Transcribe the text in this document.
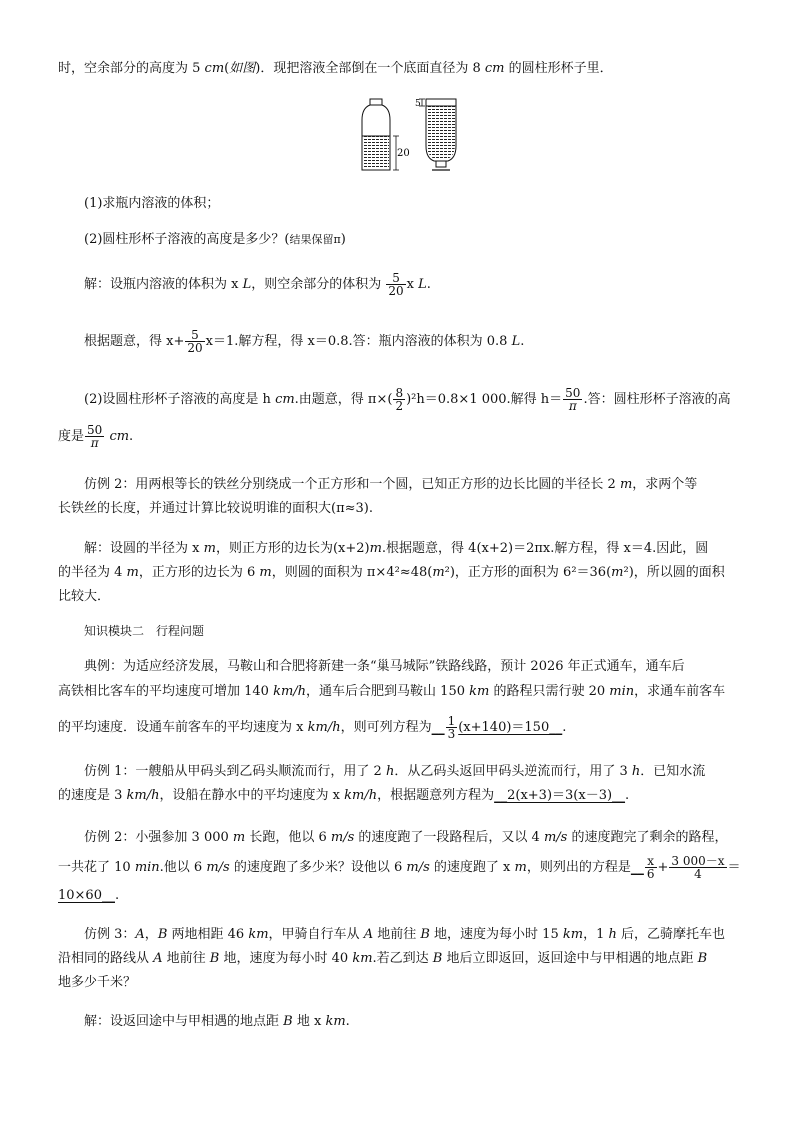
时，空余部分的高度为 5 cm(如图)．现把溶液全部倒在一个底面直径为 8 cm 的圆柱形杯子里．
20
5
(1)求瓶内溶液的体积；
(2)圆柱形杯子溶液的高度是多少？(结果保留π)
解：设瓶内溶液的体积为 x L，则空余部分的体积为 $\frac{5}{20}$ x L.
根据题意，得 $x+ \frac{5}{20} x=1$.解方程，得 x＝0.8.答：瓶内溶液的体积为 0.8 L.
(2)设圆柱形杯子溶液的高度是 h cm.由题意，得 $\pi\times( \frac{8}{2} )^2h=0.8\times 1$ 000.解得 $h= \frac{50}{\pi}$ .答：圆柱形杯子溶液的高
度是 $\frac{50}{\pi}$ cm.
仿例 2：用两根等长的铁丝分别绕成一个正方形和一个圆，已知正方形的边长比圆的半径长 2 m，求两个等
长铁丝的长度，并通过计算比较说明谁的面积大(π≈3).
解：设圆的半径为 x m，则正方形的边长为(x+2)m.根据题意，得 4(x+2)＝2πx.解方程，得 x＝4.因此，圆
的半径为 4 m，正方形的边长为 6 m，则圆的面积为 π×4²≈48(m²)，正方形的面积为 6²＝36(m²)，所以圆的面积
比较大．
知识模块二　行程问题
典例：为适应经济发展，马鞍山和合肥将新建一条“巢马城际”铁路线路，预计 2026 年正式通车，通车后
高铁相比客车的平均速度可增加 140 km/h，通车后合肥到马鞍山 150 km 的路程只需行驶 20 min，求通车前客车
的平均速度．设通车前客车的平均速度为 x km/h，则可列方程为__ $\frac{1}{3}$ (x+140)＝150__.
仿例 1：一艘船从甲码头到乙码头顺流而行，用了 2 h．从乙码头返回甲码头逆流而行，用了 3 h．已知水流
的速度是 3 km/h，设船在静水中的平均速度为 x km/h，根据题意列方程为__2(x+3)＝3(x－3)__.
仿例 2：小强参加 3 000 m 长跑，他以 6 m/s 的速度跑了一段路程后，又以 4 m/s 的速度跑完了剩余的路程，
一共花了 10 min.他以 6 m/s 的速度跑了多少米？设他以 6 m/s 的速度跑了 x m，则列出的方程是__ $\frac{x}{6} + \frac{3 000-x}{4}$ ＝
10×60__.
仿例 3：A，B 两地相距 46 km，甲骑自行车从 A 地前往 B 地，速度为每小时 15 km，1 h 后，乙骑摩托车也
沿相同的路线从 A 地前往 B 地，速度为每小时 40 km.若乙到达 B 地后立即返回，返回途中与甲相遇的地点距 B
地多少千米？
解：设返回途中与甲相遇的地点距 B 地 x km.
